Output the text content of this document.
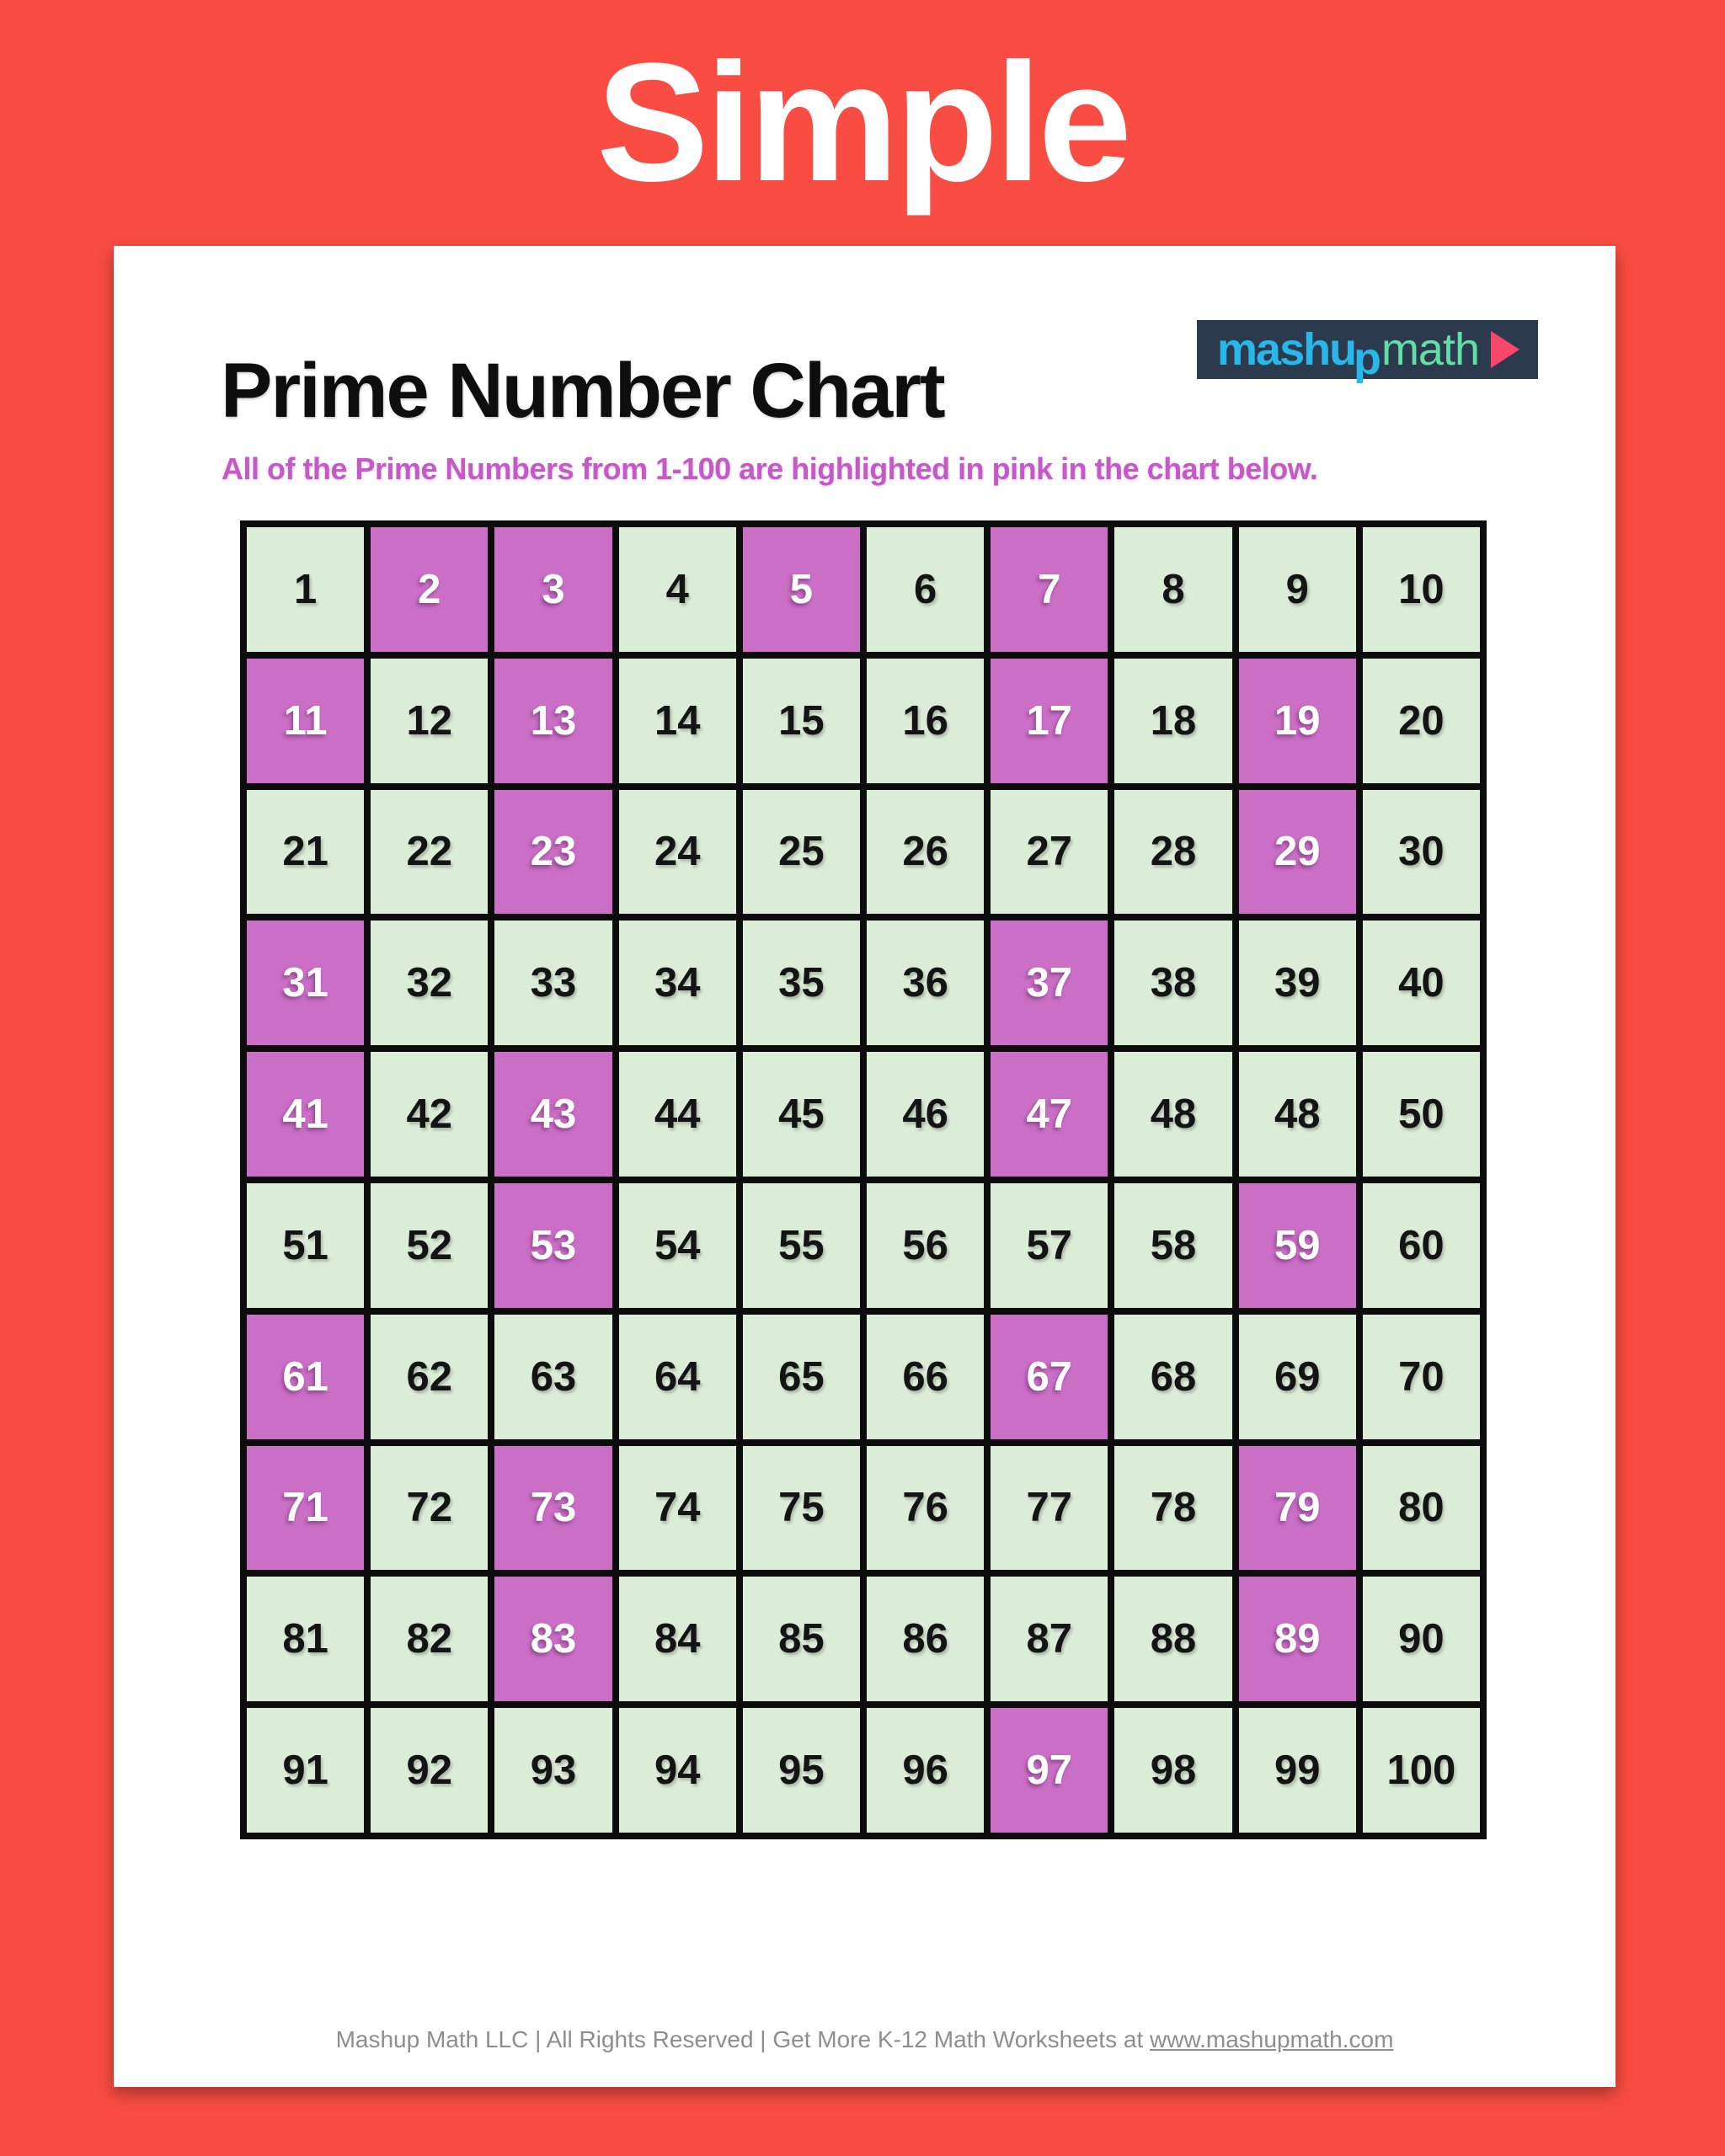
Simple
mashu
p math
Prime Number Chart

All of the Prime Numbers from 1-100 are highlighted in pink in the chart below.

1	2	3	4	5	6	7	8	9	10
11	12	13	14	15	16	17	18	19	20
21	22	23	24	25	26	27	28	29	30
31	32	33	34	35	36	37	38	39	40
41	42	43	44	45	46	47	48	48	50
51	52	53	54	55	56	57	58	59	60
61	62	63	64	65	66	67	68	69	70
71	72	73	74	75	76	77	78	79	80
81	82	83	84	85	86	87	88	89	90
91	92	93	94	95	96	97	98	99	100
Mashup Math LLC | All Rights Reserved | Get More K-12 Math Worksheets at www.mashupmath.com
